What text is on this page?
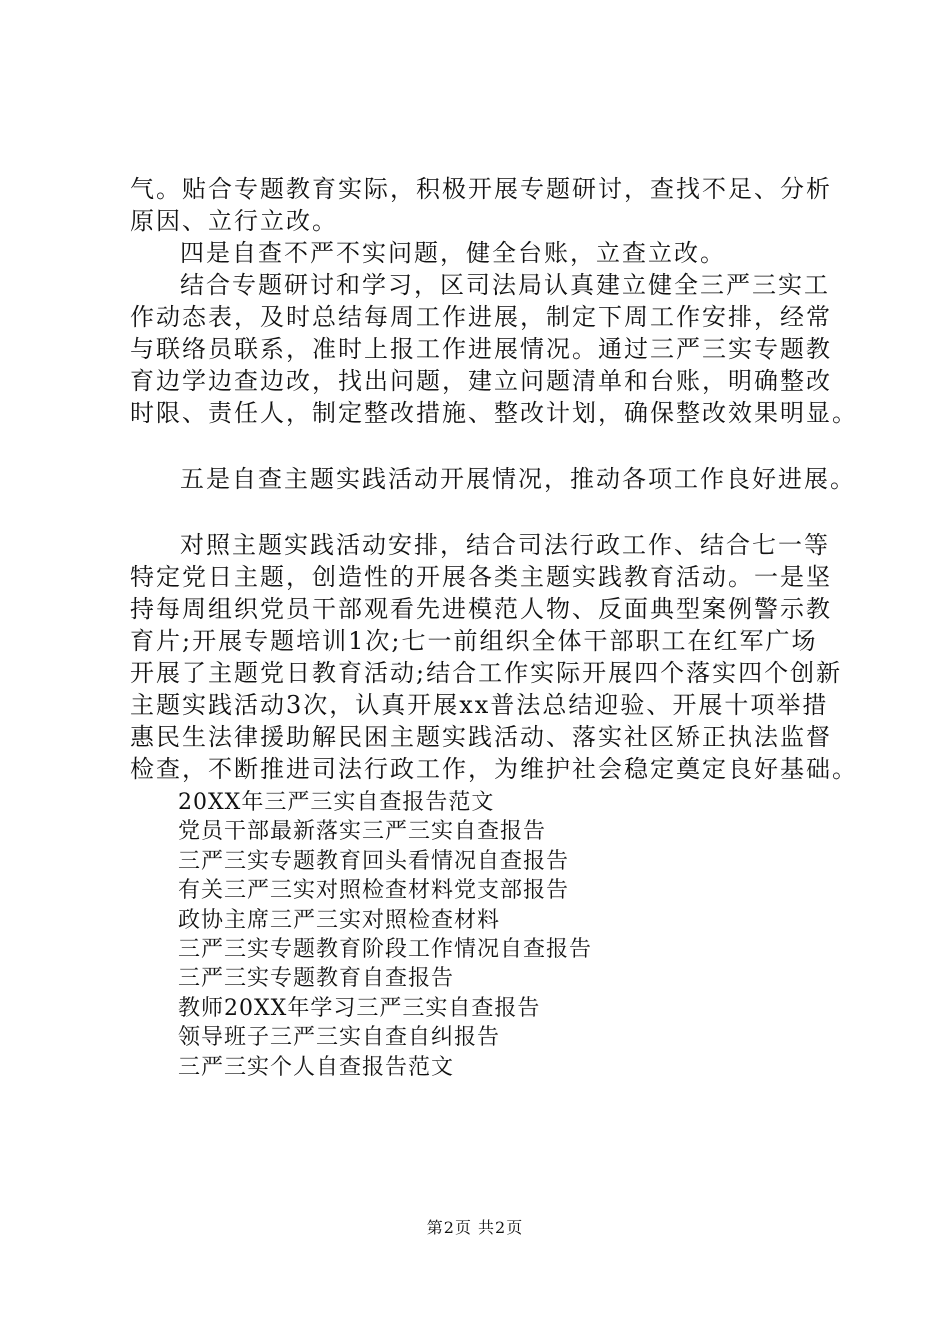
气。贴合专题教育实际，积极开展专题研讨，查找不足、分析
原因、立行立改。
四是自查不严不实问题，健全台账，立查立改。
结合专题研讨和学习，区司法局认真建立健全三严三实工
作动态表，及时总结每周工作进展，制定下周工作安排，经常
与联络员联系，准时上报工作进展情况。通过三严三实专题教
育边学边查边改，找出问题，建立问题清单和台账，明确整改
时限、责任人，制定整改措施、整改计划，确保整改效果明显。
五是自查主题实践活动开展情况，推动各项工作良好进展。
对照主题实践活动安排，结合司法行政工作、结合七一等
特定党日主题，创造性的开展各类主题实践教育活动。一是坚
持每周组织党员干部观看先进模范人物、反面典型案例警示教
育片;开展专题培训1次;七一前组织全体干部职工在红军广场
开展了主题党日教育活动;结合工作实际开展四个落实四个创新
主题实践活动3次，认真开展xx普法总结迎验、开展十项举措
惠民生法律援助解民困主题实践活动、落实社区矫正执法监督
检查，不断推进司法行政工作，为维护社会稳定奠定良好基础。
20XX年三严三实自查报告范文
党员干部最新落实三严三实自查报告
三严三实专题教育回头看情况自查报告
有关三严三实对照检查材料党支部报告
政协主席三严三实对照检查材料
三严三实专题教育阶段工作情况自查报告
三严三实专题教育自查报告
教师20XX年学习三严三实自查报告
领导班子三严三实自查自纠报告
三严三实个人自查报告范文
第2页 共2页
